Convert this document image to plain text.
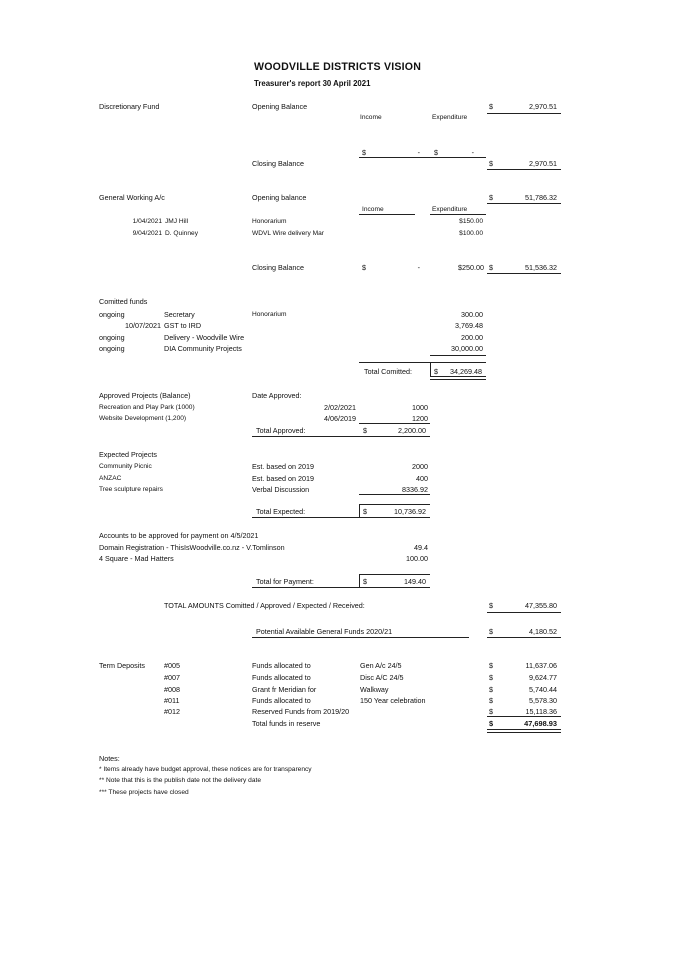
WOODVILLE DISTRICTS VISION
Treasurer's report 30 April 2021
Discretionary Fund	Opening Balance	$	2,970.51
Income	Expenditure
$	- $	-
Closing Balance	$	2,970.51
General Working A/c	Opening balance	$	51,786.32
Income	Expenditure
1/04/2021 JMJ Hill	Honorarium	$150.00
9/04/2021 D. Quinney	WDVL Wire delivery Mar	$100.00
Closing Balance	$	-	$250.00 $	51,536.32
Comitted funds
ongoing	Secretary	Honorarium	300.00
10/07/2021 GST to IRD	3,769.48
ongoing	Delivery - Woodville Wire	200.00
ongoing	DIA Community Projects	30,000.00
Total Comitted:	$	34,269.48
Approved Projects (Balance)	Date Approved:
Recreation and Play Park (1000)	2/02/2021	1000
Website Development (1,200)	4/06/2019	1200
Total Approved:	$	2,200.00
Expected Projects
Community Picnic	Est. based on 2019	2000
ANZAC	Est. based on 2019	400
Tree sculpture repairs	Verbal Discussion	8336.92
Total Expected:	$	10,736.92
Accounts to be approved for payment on 4/5/2021
Domain Registration - ThisIsWoodville.co.nz - V.Tomlinson	49.4
4 Square - Mad Hatters	100.00
Total for Payment:	$	149.40
TOTAL AMOUNTS Comitted / Approved / Expected / Received:	$	47,355.80
Potential Available General Funds 2020/21	$	4,180.52
Term Deposits	#005	Funds allocated to	Gen A/c 24/5	$	11,637.06
#007	Funds allocated to	Disc A/C 24/5	$	9,624.77
#008	Grant fr Meridian for	Walkway	$	5,740.44
#011	Funds allocated to	150 Year celebration	$	5,578.30
#012	Reserved Funds from 2019/20	$	15,118.36
Total funds in reserve	$	47,698.93
Notes:
* Items already have budget approval, these notices are for transparency
** Note that this is the publish date not the delivery date
*** These projects have closed
